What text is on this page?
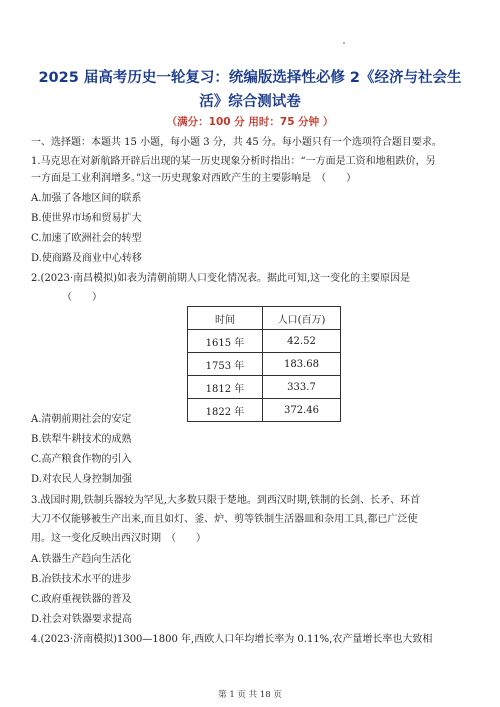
2025 届高考历史一轮复习：统编版选择性必修 2《经济与社会生
活》综合测试卷
（满分：100 分 用时：75 分钟 ）
一、选择题：本题共 15 小题，每小题 3 分，共 45 分。每小题只有一个选项符合题目要求。
1.马克思在对新航路开辟后出现的某一历史现象分析时指出：“一方面是工资和地租跌价，另
一方面是工业利润增多。”这一历史现象对西欧产生的主要影响是　（　　）
A.加强了各地区间的联系
B.使世界市场和贸易扩大
C.加速了欧洲社会的转型
D.使商路及商业中心转移
2.(2023·南昌模拟)如表为清朝前期人口变化情况表。据此可知,这一变化的主要原因是
（　　）
时间	人口(百万)
1615 年	42.52
1753 年	183.68
1812 年	333.7
1822 年	372.46
A.清朝前期社会的安定
B.铁犁牛耕技术的成熟
C.高产粮食作物的引入
D.对农民人身控制加强
3.战国时期,铁制兵器较为罕见,大多数只限于楚地。到西汉时期,铁制的长剑、长矛、环首
大刀不仅能够被生产出来,而且如灯、釜、炉、剪等铁制生活器皿和杂用工具,都已广泛使
用。这一变化反映出西汉时期　（　　）
A.铁器生产趋向生活化
B.冶铁技术水平的进步
C.政府重视铁器的普及
D.社会对铁器要求提高
4.(2023·济南模拟)1300—1800 年,西欧人口年均增长率为 0.11%,农产量增长率也大致相
第 1 页 共 18 页
